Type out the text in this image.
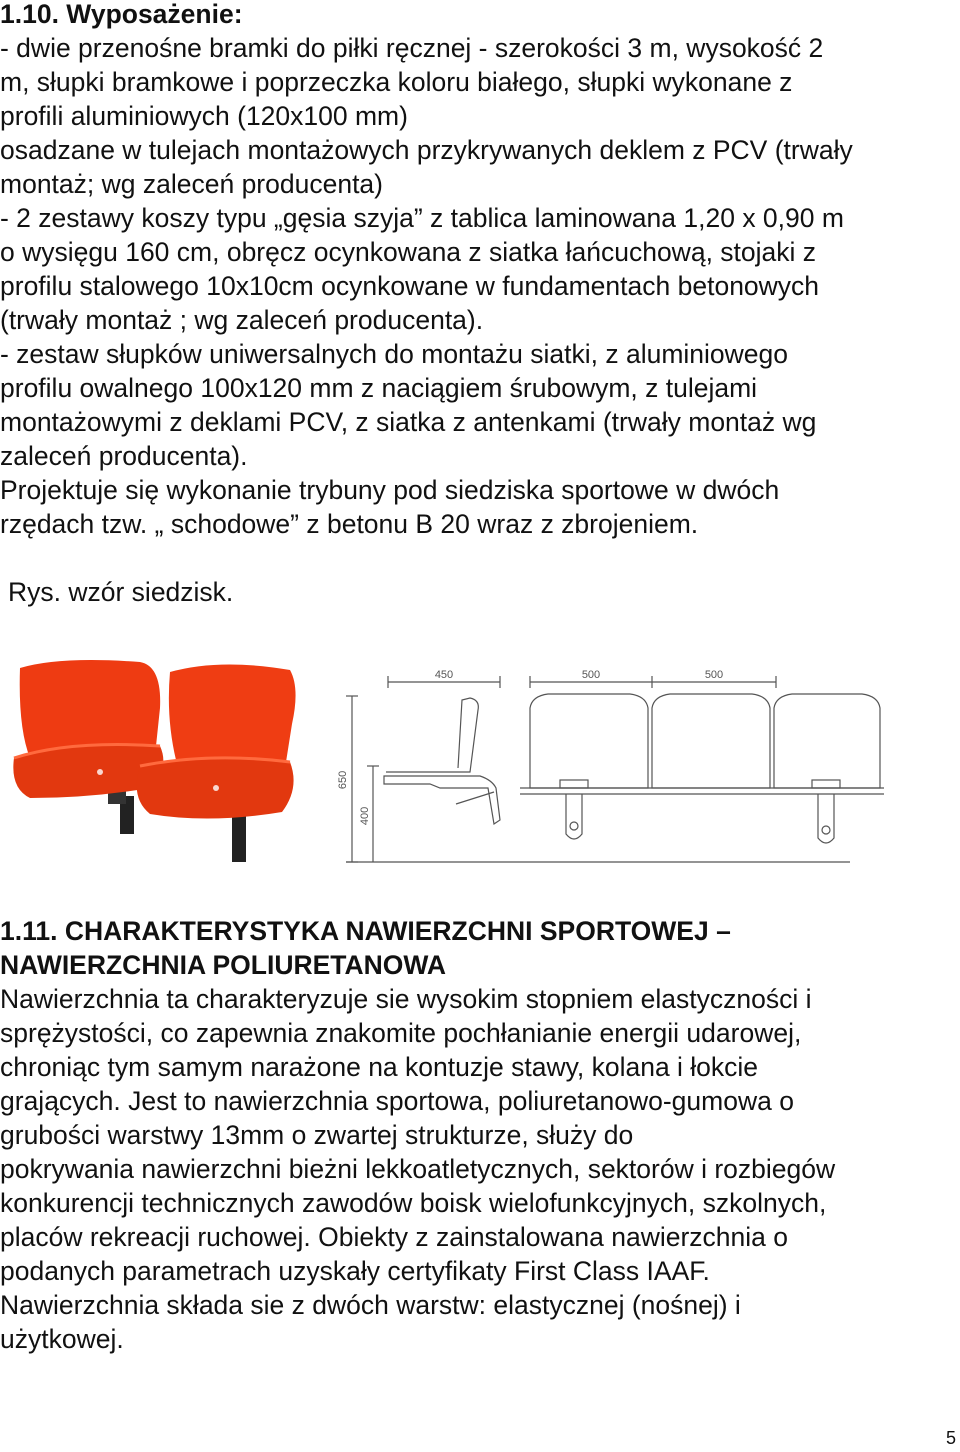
1.10. Wyposażenie:
- dwie przenośne bramki do piłki ręcznej - szerokości 3 m, wysokość 2
m, słupki bramkowe i poprzeczka koloru białego, słupki wykonane z
profili aluminiowych (120x100 mm)
osadzane w tulejach montażowych przykrywanych deklem z PCV (trwały
montaż; wg zaleceń producenta)
- 2 zestawy koszy typu „gęsia szyja” z tablica laminowana 1,20 x 0,90 m
o wysięgu 160 cm, obręcz ocynkowana z siatka łańcuchową, stojaki z
profilu stalowego 10x10cm ocynkowane w fundamentach betonowych
(trwały montaż ; wg zaleceń producenta).
- zestaw słupków uniwersalnych do montażu siatki, z aluminiowego
profilu owalnego 100x120 mm z naciągiem śrubowym, z tulejami
montażowymi z deklami PCV, z siatka z antenkami (trwały montaż wg
zaleceń producenta).
Projektuje się wykonanie trybuny pod siedziska sportowe w dwóch
rzędach tzw. „ schodowe” z betonu B 20 wraz z zbrojeniem.
Rys. wzór siedzisk.
450	500	500
650
400
1.11. CHARAKTERYSTYKA NAWIERZCHNI SPORTOWEJ –
NAWIERZCHNIA POLIURETANOWA
Nawierzchnia ta charakteryzuje sie wysokim stopniem elastyczności i
sprężystości, co zapewnia znakomite pochłanianie energii udarowej,
chroniąc tym samym narażone na kontuzje stawy, kolana i łokcie
grających. Jest to nawierzchnia sportowa, poliuretanowo-gumowa o
grubości warstwy 13mm o zwartej strukturze, służy do
pokrywania nawierzchni bieżni lekkoatletycznych, sektorów i rozbiegów
konkurencji technicznych zawodów boisk wielofunkcyjnych, szkolnych,
placów rekreacji ruchowej. Obiekty z zainstalowana nawierzchnia o
podanych parametrach uzyskały certyfikaty First Class IAAF.
Nawierzchnia składa sie z dwóch warstw: elastycznej (nośnej) i
użytkowej.
5
